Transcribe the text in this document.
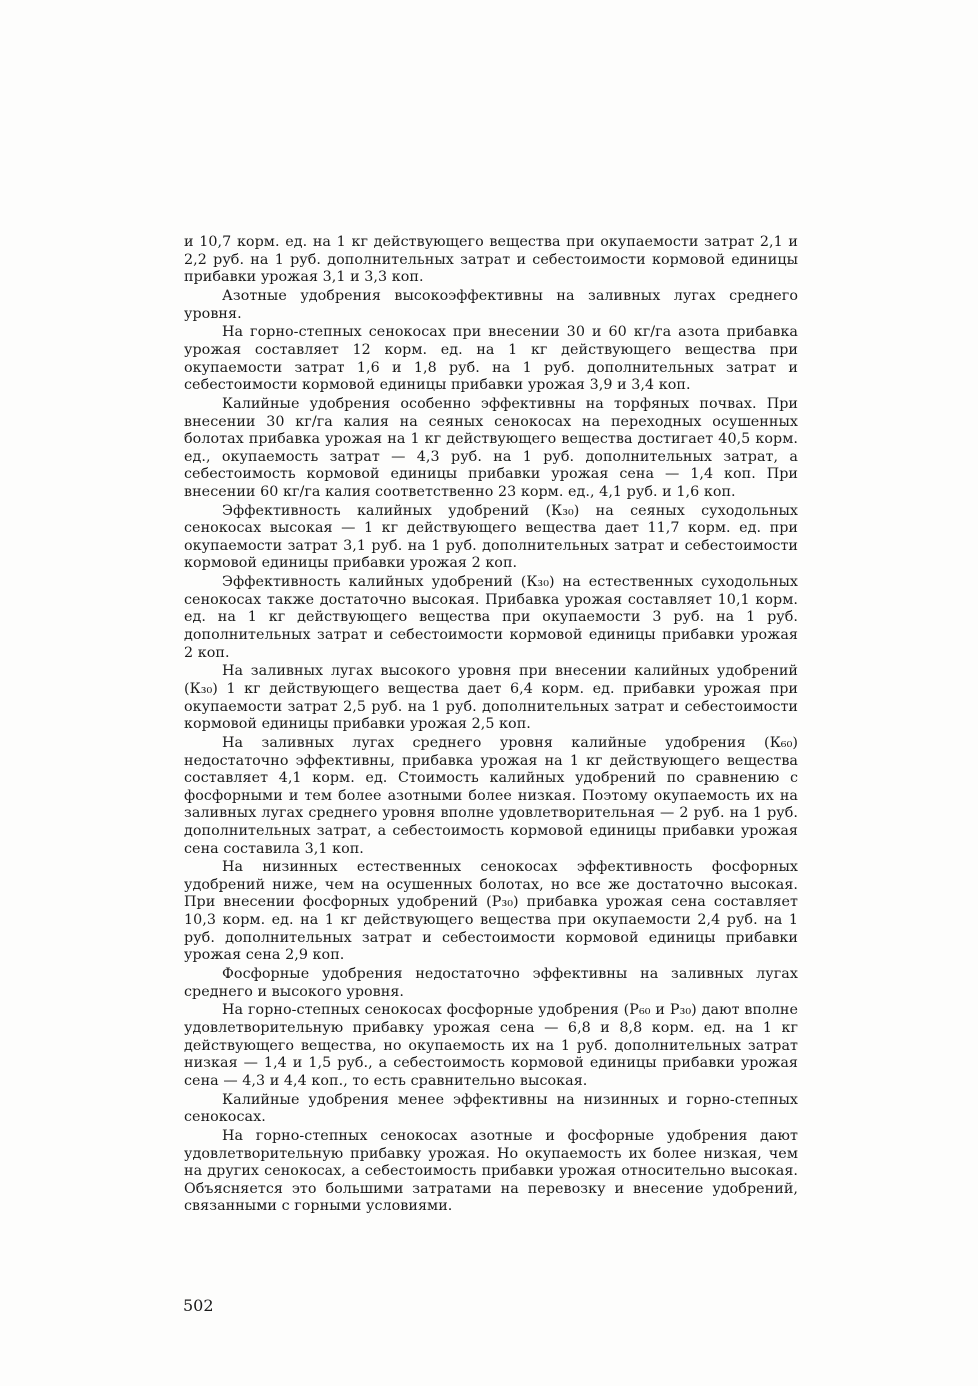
и 10,7 корм. ед. на 1 кг действующего вещества при окупаемости затрат 2,1 и 2,2 руб. на 1 руб. дополнительных затрат и себестоимости кормовой единицы прибавки урожая 3,1 и 3,3 коп.

Азотные удобрения высокоэффективны на заливных лугах среднего уровня.

На горно-степных сенокосах при внесении 30 и 60 кг/га азота прибавка урожая составляет 12 корм. ед. на 1 кг действующего вещества при окупаемости затрат 1,6 и 1,8 руб. на 1 руб. дополнительных затрат и себестоимости кормовой единицы прибавки урожая 3,9 и 3,4 коп.

Калийные удобрения особенно эффективны на торфяных почвах. При внесении 30 кг/га калия на сеяных сенокосах на переходных осушенных болотах прибавка урожая на 1 кг действующего вещества достигает 40,5 корм. ед., окупаемость затрат — 4,3 руб. на 1 руб. дополнительных затрат, а себестоимость кормовой единицы прибавки урожая сена — 1,4 коп. При внесении 60 кг/га калия соответственно 23 корм. ед., 4,1 руб. и 1,6 коп.

Эффективность калийных удобрений (К₃₀) на сеяных суходольных сенокосах высокая — 1 кг действующего вещества дает 11,7 корм. ед. при окупаемости затрат 3,1 руб. на 1 руб. дополнительных затрат и себестоимости кормовой единицы прибавки урожая 2 коп.

Эффективность калийных удобрений (К₃₀) на естественных суходольных сенокосах также достаточно высокая. Прибавка урожая составляет 10,1 корм. ед. на 1 кг действующего вещества при окупаемости 3 руб. на 1 руб. дополнительных затрат и себестоимости кормовой единицы прибавки урожая 2 коп.

На заливных лугах высокого уровня при внесении калийных удобрений (К₃₀) 1 кг действующего вещества дает 6,4 корм. ед. прибавки урожая при окупаемости затрат 2,5 руб. на 1 руб. дополнительных затрат и себестоимости кормовой единицы прибавки урожая 2,5 коп.

На заливных лугах среднего уровня калийные удобрения (К₆₀) недостаточно эффективны, прибавка урожая на 1 кг действующего вещества составляет 4,1 корм. ед. Стоимость калийных удобрений по сравнению с фосфорными и тем более азотными более низкая. Поэтому окупаемость их на заливных лугах среднего уровня вполне удовлетворительная — 2 руб. на 1 руб. дополнительных затрат, а себестоимость кормовой единицы прибавки урожая сена составила 3,1 коп.

На низинных естественных сенокосах эффективность фосфорных удобрений ниже, чем на осушенных болотах, но все же достаточно высокая. При внесении фосфорных удобрений (Р₃₀) прибавка урожая сена составляет 10,3 корм. ед. на 1 кг действующего вещества при окупаемости 2,4 руб. на 1 руб. дополнительных затрат и себестоимости кормовой единицы прибавки урожая сена 2,9 коп.

Фосфорные удобрения недостаточно эффективны на заливных лугах среднего и высокого уровня.

На горно-степных сенокосах фосфорные удобрения (Р₆₀ и Р₃₀) дают вполне удовлетворительную прибавку урожая сена — 6,8 и 8,8 корм. ед. на 1 кг действующего вещества, но окупаемость их на 1 руб. дополнительных затрат низкая — 1,4 и 1,5 руб., а себестоимость кормовой единицы прибавки урожая сена — 4,3 и 4,4 коп., то есть сравнительно высокая.

Калийные удобрения менее эффективны на низинных и горно-степных сенокосах.

На горно-степных сенокосах азотные и фосфорные удобрения дают удовлетворительную прибавку урожая. Но окупаемость их более низкая, чем на других сенокосах, а себестоимость прибавки урожая относительно высокая. Объясняется это большими затратами на перевозку и внесение удобрений, связанными с горными условиями.

502
